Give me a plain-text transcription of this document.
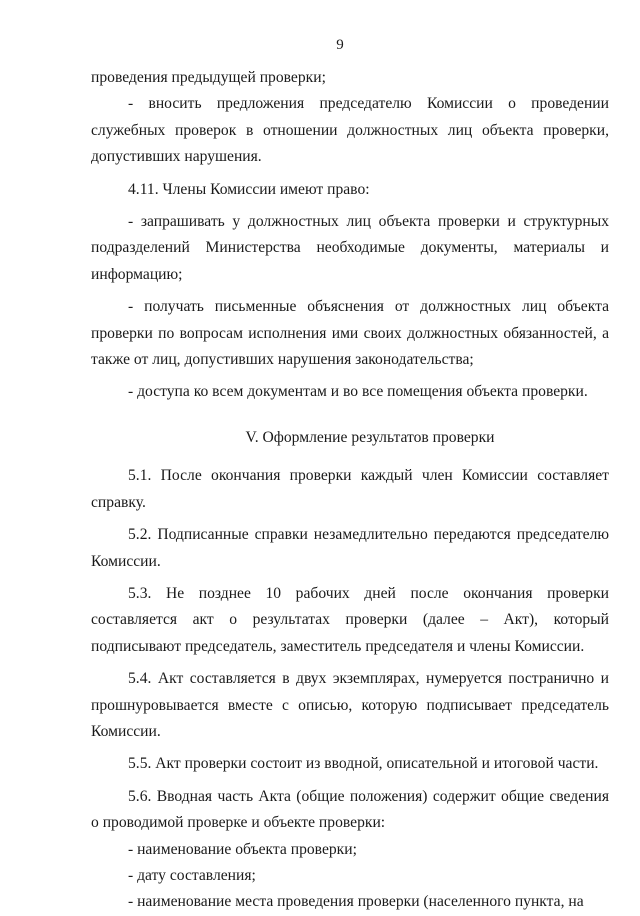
9

проведения предыдущей проверки;

- вносить предложения председателю Комиссии о проведении служебных проверок в отношении должностных лиц объекта проверки, допустивших нарушения.

4.11. Члены Комиссии имеют право:

- запрашивать у должностных лиц объекта проверки и структурных подразделений Министерства необходимые документы, материалы и информацию;

- получать письменные объяснения от должностных лиц объекта проверки по вопросам исполнения ими своих должностных обязанностей, а также от лиц, допустивших нарушения законодательства;

- доступа ко всем документам и во все помещения объекта проверки.

V. Оформление результатов проверки

5.1. После окончания проверки каждый член Комиссии составляет справку.

5.2. Подписанные справки незамедлительно передаются председателю Комиссии.

5.3. Не позднее 10 рабочих дней после окончания проверки составляется акт о результатах проверки (далее – Акт), который подписывают председатель, заместитель председателя и члены Комиссии.

5.4. Акт составляется в двух экземплярах, нумеруется постранично и прошнуровывается вместе с описью, которую подписывает председатель Комиссии.

5.5. Акт проверки состоит из вводной, описательной и итоговой части.

5.6. Вводная часть Акта (общие положения) содержит общие сведения о проводимой проверке и объекте проверки:

- наименование объекта проверки;

- дату составления;

- наименование места проведения проверки (населенного пункта, на
